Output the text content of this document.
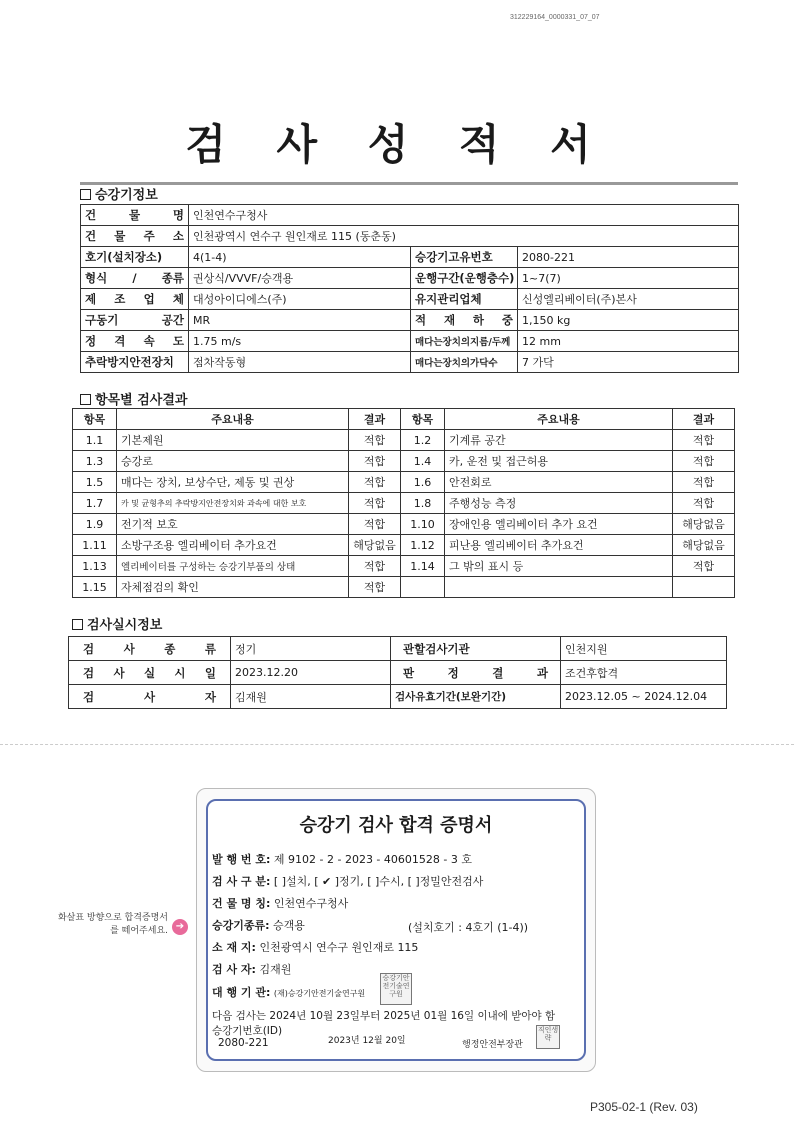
312229164_0000331_07_07
검 사 성 적 서
승강기정보
건 물 명	인천연수구청사		
건 물 주 소	인천광역시 연수구 원인재로 115 (동춘동)		
호기(설치장소)	4(1-4)	승강기고유번호	2080-221
형식 / 종류	권상식/VVVF/승객용	운행구간(운행층수)	1~7(7)
제 조 업 체	대성아이디에스(주)	유지관리업체	신성엘리베이터(주)본사
구동기 공간	MR	적 재 하 중	1,150 kg
정 격 속 도	1.75 m/s	매다는장치의지름/두께	12 mm
추락방지안전장치	점차작동형	매다는장치의가닥수	7 가닥
항목별 검사결과
항목	주요내용	결과	항목	주요내용	결과
1.1	기본제원	적합	1.2	기계류 공간	적합
1.3	승강로	적합	1.4	카, 운전 및 접근허용	적합
1.5	매다는 장치, 보상수단, 제동 및 권상	적합	1.6	안전회로	적합
1.7	카 및 균형추의 추락방지안전장치와 과속에 대한 보호	적합	1.8	주행성능 측정	적합
1.9	전기적 보호	적합	1.10	장애인용 엘리베이터 추가 요건	해당없음
1.11	소방구조용 엘리베이터 추가요건	해당없음	1.12	피난용 엘리베이터 추가요건	해당없음
1.13	엘리베이터를 구성하는 승강기부품의 상태	적합	1.14	그 밖의 표시 등	적합
1.15	자체점검의 확인	적합			
검사실시정보
검 사 종 류	정기	관할검사기관	인천지원
검 사 실 시 일	2023.12.20	판 정 결 과	조건후합격
검 사 자	김재원	검사유효기간(보완기간)	2023.12.05 ~ 2024.12.04
화살표 방향으로 합격증명서를 떼어주세요. ➔
승강기 검사 합격 증명서
발 행 번 호: 제 9102 - 2 - 2023 - 40601528 - 3 호
검 사 구 분: [ ]설치, [ ✔ ]정기, [ ]수시, [ ]정밀안전검사
건 물 명 칭: 인천연수구청사
승강기종류: 승객용	(설치호기 : 4호기 (1-4))
소 재 지: 인천광역시 연수구 원인재로 115
검 사 자: 김재원
대 행 기 관: (재)승강기안전기술연구원
승강기안전기술연구원
다음 검사는 2024년 10월 23일부터 2025년 01월 16일 이내에 받아야 함
승강기번호(ID)
2080-221	2023년 12월 20일	행정안전부장관
직인생략
P305-02-1 (Rev. 03)
